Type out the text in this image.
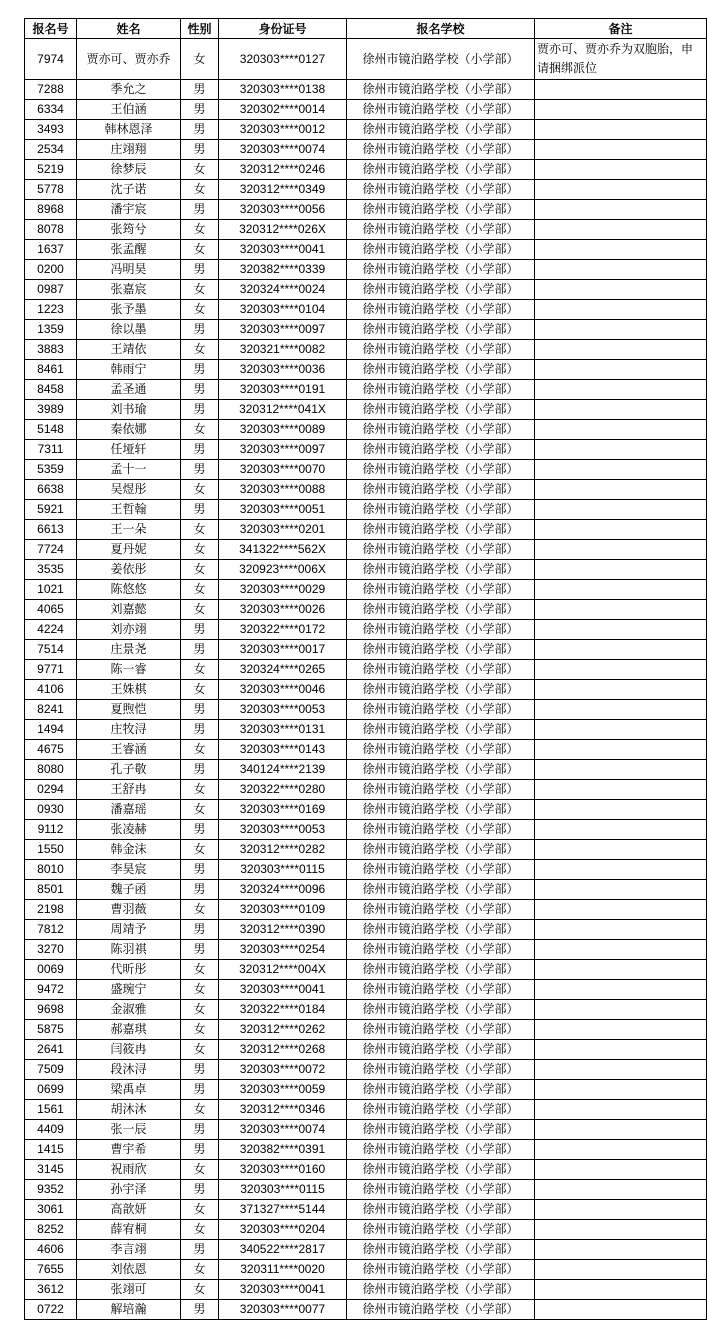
报名号	姓名	性别	身份证号	报名学校	备注
7974	贾亦可、贾亦乔	女	320303****0127	徐州市镜泊路学校（小学部）	贾亦可、贾亦乔为双胞胎，申请捆绑派位
7288	季允之	男	320303****0138	徐州市镜泊路学校（小学部）	
6334	王伯涵	男	320302****0014	徐州市镜泊路学校（小学部）	
3493	韩林恩泽	男	320303****0012	徐州市镜泊路学校（小学部）	
2534	庄翊翔	男	320303****0074	徐州市镜泊路学校（小学部）	
5219	徐梦辰	女	320312****0246	徐州市镜泊路学校（小学部）	
5778	沈子诺	女	320312****0349	徐州市镜泊路学校（小学部）	
8968	潘宇宸	男	320303****0056	徐州市镜泊路学校（小学部）	
8078	张筠兮	女	320312****026X	徐州市镜泊路学校（小学部）	
1637	张孟醒	女	320303****0041	徐州市镜泊路学校（小学部）	
0200	冯明昊	男	320382****0339	徐州市镜泊路学校（小学部）	
0987	张嘉宸	女	320324****0024	徐州市镜泊路学校（小学部）	
1223	张予墨	女	320303****0104	徐州市镜泊路学校（小学部）	
1359	徐以墨	男	320303****0097	徐州市镜泊路学校（小学部）	
3883	王靖依	女	320321****0082	徐州市镜泊路学校（小学部）	
8461	韩雨宁	男	320303****0036	徐州市镜泊路学校（小学部）	
8458	孟圣通	男	320303****0191	徐州市镜泊路学校（小学部）	
3989	刘书瑜	男	320312****041X	徐州市镜泊路学校（小学部）	
5148	秦依娜	女	320303****0089	徐州市镜泊路学校（小学部）	
7311	任垭轩	男	320303****0097	徐州市镜泊路学校（小学部）	
5359	孟十一	男	320303****0070	徐州市镜泊路学校（小学部）	
6638	吴煜彤	女	320303****0088	徐州市镜泊路学校（小学部）	
5921	王哲翰	男	320303****0051	徐州市镜泊路学校（小学部）	
6613	王一朵	女	320303****0201	徐州市镜泊路学校（小学部）	
7724	夏丹妮	女	341322****562X	徐州市镜泊路学校（小学部）	
3535	姜依彤	女	320923****006X	徐州市镜泊路学校（小学部）	
1021	陈悠悠	女	320303****0029	徐州市镜泊路学校（小学部）	
4065	刘嘉懿	女	320303****0026	徐州市镜泊路学校（小学部）	
4224	刘亦翊	男	320322****0172	徐州市镜泊路学校（小学部）	
7514	庄景尧	男	320303****0017	徐州市镜泊路学校（小学部）	
9771	陈一睿	女	320324****0265	徐州市镜泊路学校（小学部）	
4106	王姝棋	女	320303****0046	徐州市镜泊路学校（小学部）	
8241	夏煦恺	男	320303****0053	徐州市镜泊路学校（小学部）	
1494	庄牧浔	男	320303****0131	徐州市镜泊路学校（小学部）	
4675	王睿涵	女	320303****0143	徐州市镜泊路学校（小学部）	
8080	孔子敬	男	340124****2139	徐州市镜泊路学校（小学部）	
0294	王舒冉	女	320322****0280	徐州市镜泊路学校（小学部）	
0930	潘嘉瑶	女	320303****0169	徐州市镜泊路学校（小学部）	
9112	张凌赫	男	320303****0053	徐州市镜泊路学校（小学部）	
1550	韩金沫	女	320312****0282	徐州市镜泊路学校（小学部）	
8010	李昊宸	男	320303****0115	徐州市镜泊路学校（小学部）	
8501	魏子函	男	320324****0096	徐州市镜泊路学校（小学部）	
2198	曹羽薇	女	320303****0109	徐州市镜泊路学校（小学部）	
7812	周靖予	男	320312****0390	徐州市镜泊路学校（小学部）	
3270	陈羽祺	男	320303****0254	徐州市镜泊路学校（小学部）	
0069	代昕彤	女	320312****004X	徐州市镜泊路学校（小学部）	
9472	盛琬宁	女	320303****0041	徐州市镜泊路学校（小学部）	
9698	金淑雅	女	320322****0184	徐州市镜泊路学校（小学部）	
5875	郝嘉琪	女	320312****0262	徐州市镜泊路学校（小学部）	
2641	闫筱冉	女	320312****0268	徐州市镜泊路学校（小学部）	
7509	段沐浔	男	320303****0072	徐州市镜泊路学校（小学部）	
0699	梁禹卓	男	320303****0059	徐州市镜泊路学校（小学部）	
1561	胡沐沐	女	320312****0346	徐州市镜泊路学校（小学部）	
4409	张一辰	男	320303****0074	徐州市镜泊路学校（小学部）	
1415	曹宇希	男	320382****0391	徐州市镜泊路学校（小学部）	
3145	祝雨欣	女	320303****0160	徐州市镜泊路学校（小学部）	
9352	孙宇泽	男	320303****0115	徐州市镜泊路学校（小学部）	
3061	高歆妍	女	371327****5144	徐州市镜泊路学校（小学部）	
8252	薛宥桐	女	320303****0204	徐州市镜泊路学校（小学部）	
4606	李言翊	男	340522****2817	徐州市镜泊路学校（小学部）	
7655	刘依恩	女	320311****0020	徐州市镜泊路学校（小学部）	
3612	张翊可	女	320303****0041	徐州市镜泊路学校（小学部）	
0722	解培瀚	男	320303****0077	徐州市镜泊路学校（小学部）	
